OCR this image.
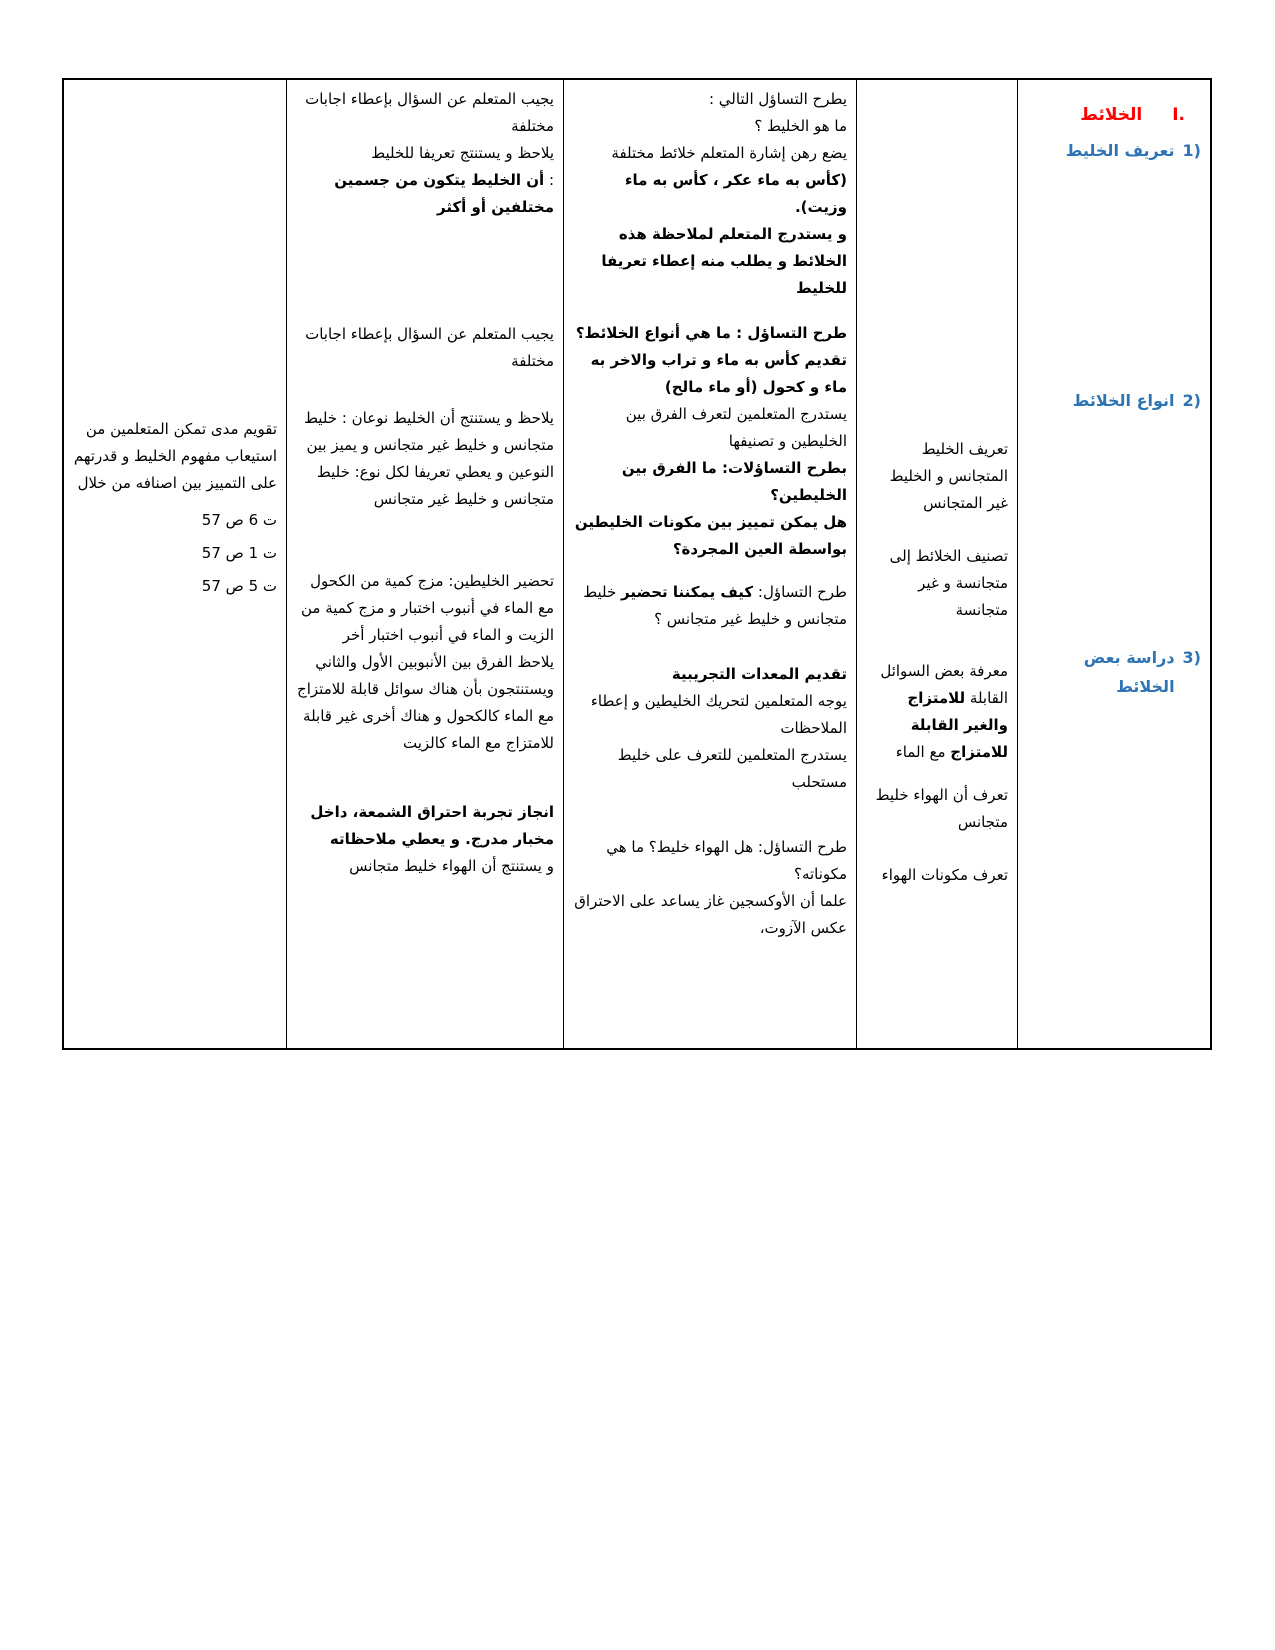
I.
الخلائط
1)
تعريف الخليط
2)
انواع الخلائط
3)
دراسة بعض الخلائط

تعريف الخليط المتجانس و الخليط غير المتجانس

تصنيف الخلائط إلى متجانسة و غير متجانسة

معرفة بعض السوائل القابلة للامتزاج والغير القابلة للامتزاج مع الماء

تعرف أن الهواء خليط متجانس

تعرف مكونات الهواء

يطرح التساؤل التالي :

ما هو الخليط ؟

يضع رهن إشارة المتعلم خلائط مختلفة (كأس به ماء عكر ، كأس به ماء وزيت).

و يستدرج المتعلم لملاحظة هذه الخلائط و يطلب منه إعطاء تعريفا للخليط

طرح التساؤل : ما هي أنواع الخلائط؟

تقديم كأس به ماء و تراب والاخر به ماء و كحول (أو ماء مالح)

يستدرج المتعلمين لتعرف الفرق بين الخليطين و تصنيفها

بطرح التساؤلات: ما الفرق بين الخليطين؟

هل يمكن تمييز بين مكونات الخليطين بواسطة العين المجردة؟

طرح التساؤل: كيف يمكننا تحضير خليط متجانس و خليط غير متجانس ؟

تقديم المعدات التجريبية

يوجه المتعلمين لتحريك الخليطين و إعطاء الملاحظات

يستدرج المتعلمين للتعرف على خليط مستحلب

طرح التساؤل: هل الهواء خليط؟ ما هي مكوناته؟

علما أن الأوكسجين غاز يساعد على الاحتراق عكس الآزوت،

يجيب المتعلم عن السؤال بإعطاء اجابات مختلفة

يلاحظ و يستنتج تعريفا للخليط

: أن الخليط يتكون من جسمين مختلفين أو أكثر

يجيب المتعلم عن السؤال بإعطاء اجابات مختلفة

يلاحظ و يستنتج أن الخليط نوعان : خليط متجانس و خليط غير متجانس و يميز بين النوعين و يعطي تعريفا لكل نوع: خليط متجانس و خليط غير متجانس

تحضير الخليطين: مزج كمية من الكحول مع الماء في أنبوب اختبار و مزج كمية من الزيت و الماء في أنبوب اختبار أخر

يلاحظ الفرق بين الأنبوبين الأول والثاني ويستنتجون بأن هناك سوائل قابلة للامتزاج مع الماء كالكحول و هناك أخرى غير قابلة للامتزاج مع الماء كالزيت

انجاز تجربة احتراق الشمعة، داخل مخبار مدرج. و يعطي ملاحظاته

و يستنتج أن الهواء خليط متجانس

تقويم مدى تمكن المتعلمين من استيعاب مفهوم الخليط و قدرتهم على التمييز بين اصنافه من خلال

ت 6 ص 57

ت 1 ص 57

ت 5 ص 57
